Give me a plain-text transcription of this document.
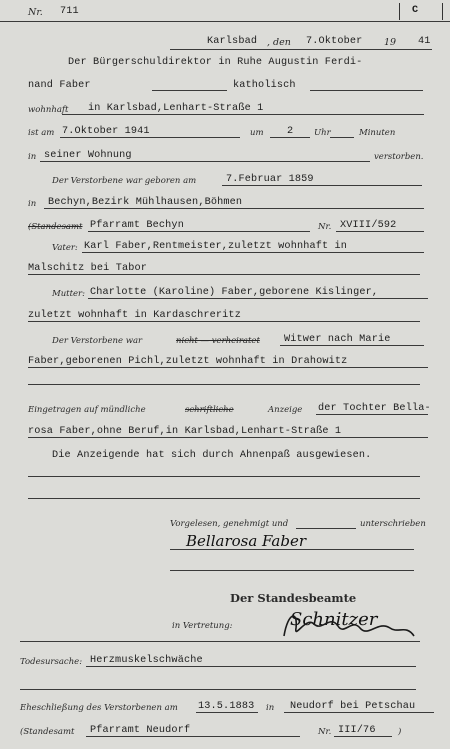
C
Nr. 711
Karlsbad , den 7.Oktober 19 41
Der Bürgerschuldirektor in Ruhe Augustin Ferdi-
nand Faber	katholisch
wohnhaft in Karlsbad,Lenhart-Straße 1
ist am 7.Oktober 1941	um 2 Uhr	Minuten
in seiner Wohnung	verstorben.
Der Verstorbene war geboren am	7.Februar 1859
in Bechyn,Bezirk Mühlhausen,Böhmen
(Standesamt Pfarramt Bechyn	Nr. XVIII/592
Vater: Karl Faber,Rentmeister,zuletzt wohnhaft in
Malschitz bei Tabor
Mutter: Charlotte (Karoline) Faber,geborene Kislinger,
zuletzt wohnhaft in Kardaschreritz
Der Verstorbene war	nicht — verheiratet Witwer nach Marie
Faber,geborenen Pichl,zuletzt wohnhaft in Drahowitz
Eingetragen auf mündliche	schriftliche	Anzeige der Tochter Bella-
rosa Faber,ohne Beruf,in Karlsbad,Lenhart-Straße 1
Die Anzeigende hat sich durch Ahnenpaß ausgewiesen.
Vorgelesen, genehmigt und	unterschrieben
Bellarosa Faber
Der Standesbeamte
in Vertretung:	Schnitzer
Todesursache: Herzmuskelschwäche
Eheschließung des Verstorbenen am 13.5.1883 in Neudorf bei Petschau
(Standesamt Pfarramt Neudorf	Nr. III/76	)
